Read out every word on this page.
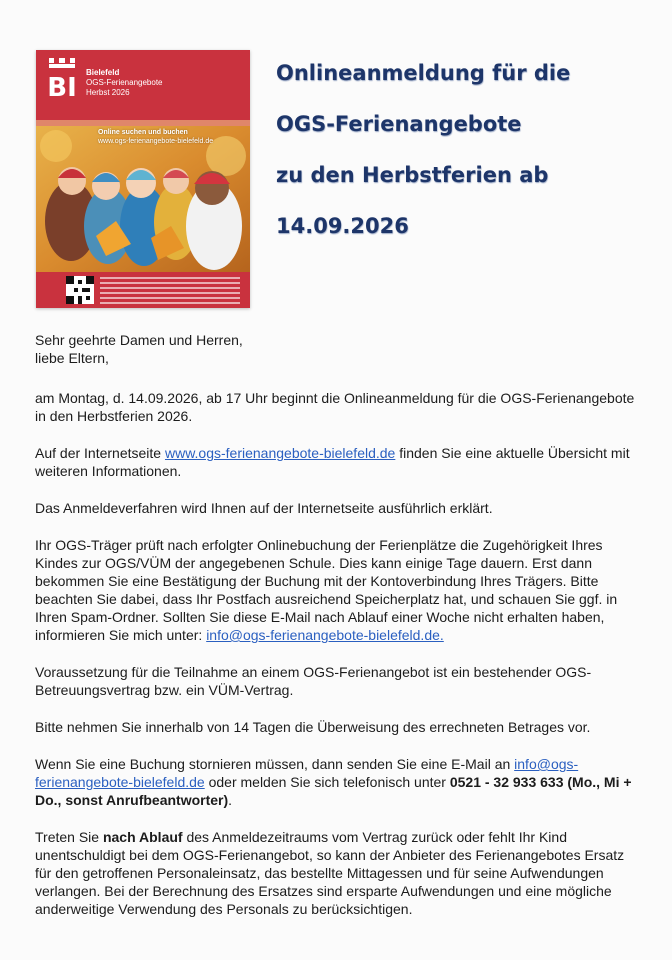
BI
Bielefeld
OGS-Ferienangebote
Herbst 2026
Online suchen und buchen
www.ogs-ferienangebote-bielefeld.de
Onlineanmeldung für die
OGS-Ferienangebote
zu den Herbstferien ab
14.09.2026

Sehr geehrte Damen und Herren,
liebe Eltern,

am Montag, d. 14.09.2026, ab 17 Uhr beginnt die Onlineanmeldung für die OGS-Ferienangebote in den Herbstferien 2026.

Auf der Internetseite www.ogs-ferienangebote-bielefeld.de finden Sie eine aktuelle Übersicht mit weiteren Informationen.

Das Anmeldeverfahren wird Ihnen auf der Internetseite ausführlich erklärt.

Ihr OGS-Träger prüft nach erfolgter Onlinebuchung der Ferienplätze die Zugehörigkeit Ihres Kindes zur OGS/VÜM der angegebenen Schule. Dies kann einige Tage dauern. Erst dann bekommen Sie eine Bestätigung der Buchung mit der Kontoverbindung Ihres Trägers. Bitte beachten Sie dabei, dass Ihr Postfach ausreichend Speicherplatz hat, und schauen Sie ggf. in Ihren Spam-Ordner. Sollten Sie diese E-Mail nach Ablauf einer Woche nicht erhalten haben, informieren Sie mich unter: info@ogs-ferienangebote-bielefeld.de.

Voraussetzung für die Teilnahme an einem OGS-Ferienangebot ist ein bestehender OGS-Betreuungsvertrag bzw. ein VÜM-Vertrag.

Bitte nehmen Sie innerhalb von 14 Tagen die Überweisung des errechneten Betrages vor.

Wenn Sie eine Buchung stornieren müssen, dann senden Sie eine E-Mail an info@ogs-ferienangebote-bielefeld.de oder melden Sie sich telefonisch unter 0521 - 32 933 633 (Mo., Mi + Do., sonst Anrufbeantworter).

Treten Sie nach Ablauf des Anmeldezeitraums vom Vertrag zurück oder fehlt Ihr Kind unentschuldigt bei dem OGS-Ferienangebot, so kann der Anbieter des Ferienangebotes Ersatz für den getroffenen Personaleinsatz, das bestellte Mittagessen und für seine Aufwendungen verlangen. Bei der Berechnung des Ersatzes sind ersparte Aufwendungen und eine mögliche anderweitige Verwendung des Personals zu berücksichtigen.
